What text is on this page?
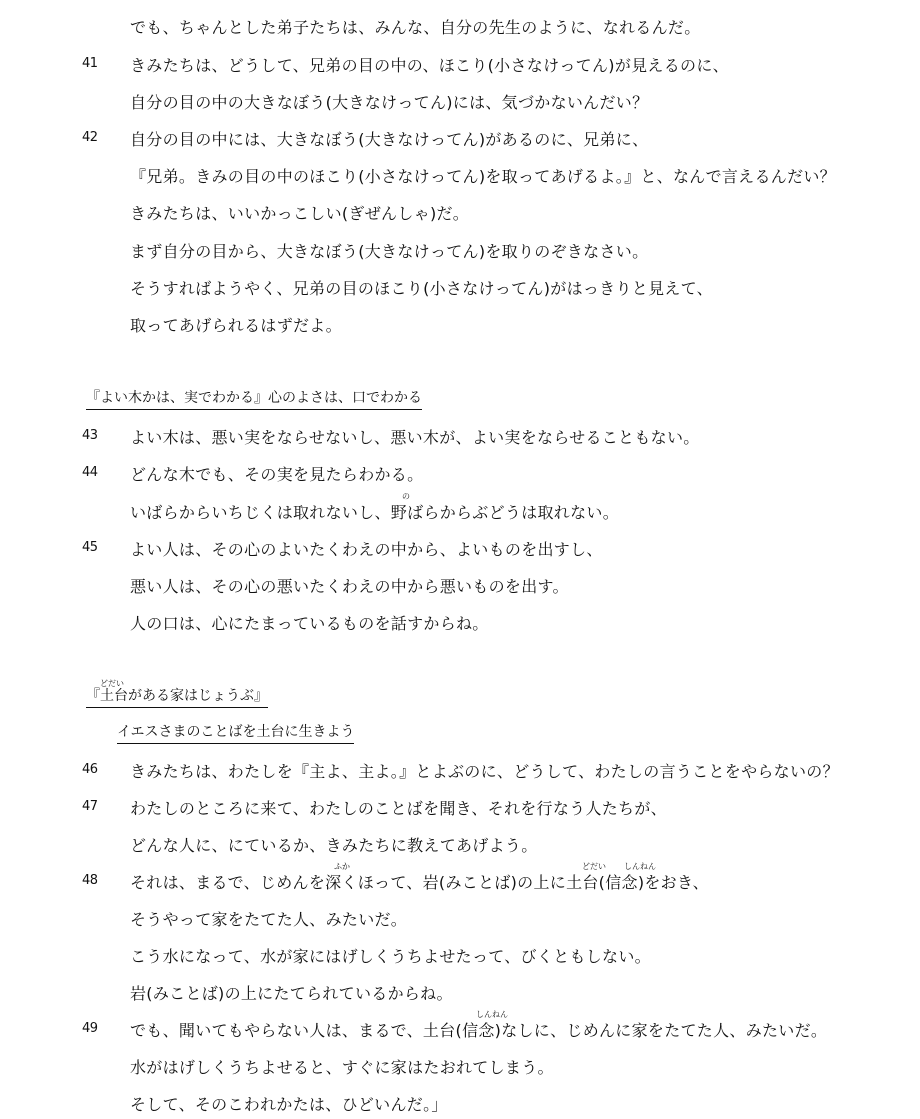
でも、ちゃんとした弟子たちは、みんな、自分の先生のように、なれるんだ。
41 きみたちは、どうして、兄弟の目の中の、ほこり(小さなけってん)が見えるのに、
自分の目の中の大きなぼう(大きなけってん)には、気づかないんだい？
42 自分の目の中には、大きなぼう(大きなけってん)があるのに、兄弟に、
『兄弟。きみの目の中のほこり(小さなけってん)を取ってあげるよ。』と、なんで言えるんだい？
きみたちは、いいかっこしい(ぎぜんしゃ)だ。
まず自分の目から、大きなぼう(大きなけってん)を取りのぞきなさい。
そうすればようやく、兄弟の目のほこり(小さなけってん)がはっきりと見えて、
取ってあげられるはずだよ。
『よい木かは、実でわかる』心のよさは、口でわかる
43 よい木は、悪い実をならせないし、悪い木が、よい実をならせることもない。
44 どんな木でも、その実を見たらわかる。
の
いばらからいちじくは取れないし、野ばらからぶどうは取れない。
45 よい人は、その心のよいたくわえの中から、よいものを出すし、
悪い人は、その心の悪いたくわえの中から悪いものを出す。
人の口は、心にたまっているものを話すからね。
どだい
『土台がある家はじょうぶ』
イエスさまのことばを土台に生きよう
46 きみたちは、わたしを『主よ、主よ。』とよぶのに、どうして、わたしの言うことをやらないの？
47 わたしのところに来て、わたしのことばを聞き、それを行なう人たちが、
どんな人に、にているか、きみたちに教えてあげよう。
ふか	どだい しんねん
48 それは、まるで、じめんを深くほって、岩(みことば)の上に土台(信念)をおき、
そうやって家をたてた人、みたいだ。
こう水になって、水が家にはげしくうちよせたって、びくともしない。
岩(みことば)の上にたてられているからね。
しんねん
49 でも、聞いてもやらない人は、まるで、土台(信念)なしに、じめんに家をたてた人、みたいだ。
水がはげしくうちよせると、すぐに家はたおれてしまう。
そして、そのこわれかたは、ひどいんだ。」
